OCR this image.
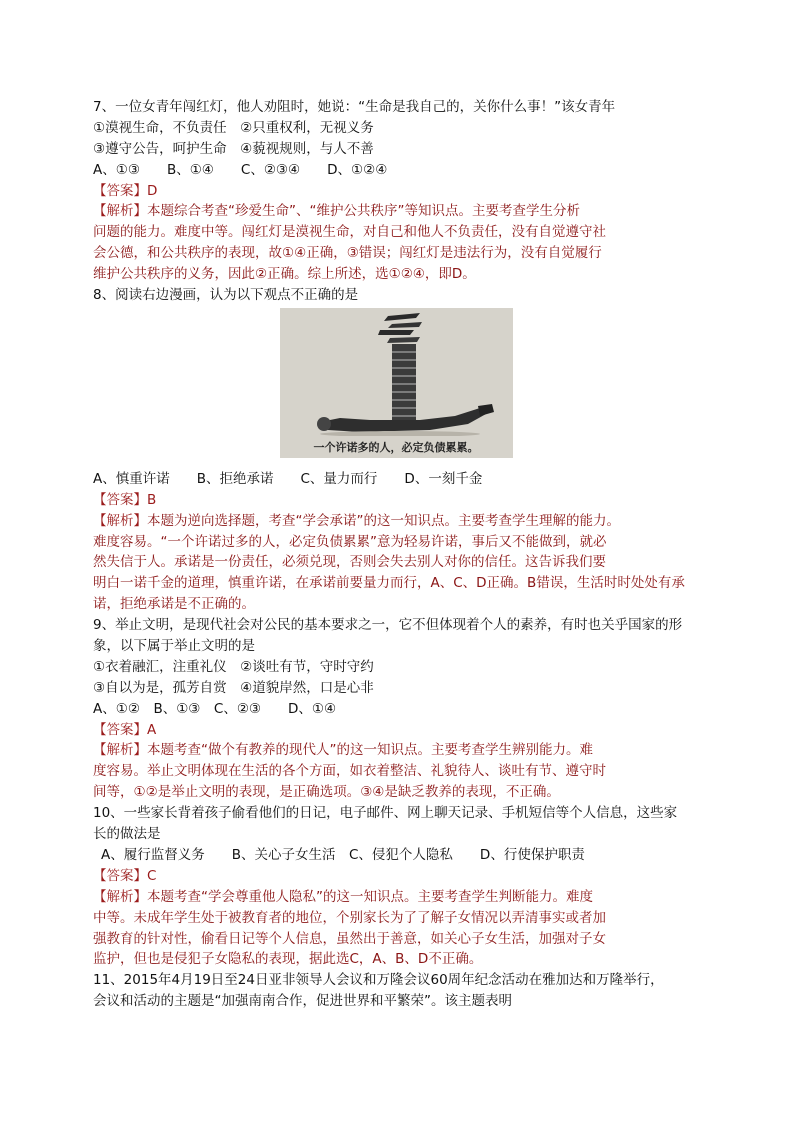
7、一位女青年闯红灯，他人劝阻时，她说：“生命是我自己的，关你什么事！”该女青年
①漠视生命，不负责任　②只重权利，无视义务
③遵守公告，呵护生命　④藐视规则，与人不善
A、①③　　B、①④　　C、②③④　　D、①②④
【答案】D
【解析】本题综合考查“珍爱生命”、“维护公共秩序”等知识点。主要考查学生分析
问题的能力。难度中等。闯红灯是漠视生命，对自己和他人不负责任，没有自觉遵守社
会公德，和公共秩序的表现，故①④正确，③错误；闯红灯是违法行为，没有自觉履行
维护公共秩序的义务，因此②正确。综上所述，选①②④，即D。
8、阅读右边漫画，认为以下观点不正确的是
一个许诺多的人，必定负债累累。
A、慎重许诺　　B、拒绝承诺　　C、量力而行　　D、一刻千金
【答案】B
【解析】本题为逆向选择题，考查“学会承诺”的这一知识点。主要考查学生理解的能力。
难度容易。“一个许诺过多的人，必定负债累累”意为轻易许诺，事后又不能做到，就必
然失信于人。承诺是一份责任，必须兑现，否则会失去别人对你的信任。这告诉我们要
明白一诺千金的道理，慎重许诺，在承诺前要量力而行，A、C、D正确。B错误，生活时时处处有承
诺，拒绝承诺是不正确的。
9、举止文明，是现代社会对公民的基本要求之一，它不但体现着个人的素养，有时也关乎国家的形
象，以下属于举止文明的是
①衣着融汇，注重礼仪　②谈吐有节，守时守约
③自以为是，孤芳自赏　④道貌岸然，口是心非
A、①②　B、①③　C、②③　　D、①④
【答案】A
【解析】本题考查“做个有教养的现代人”的这一知识点。主要考查学生辨别能力。难
度容易。举止文明体现在生活的各个方面，如衣着整洁、礼貌待人、谈吐有节、遵守时
间等，①②是举止文明的表现，是正确选项。③④是缺乏教养的表现，不正确。
10、一些家长背着孩子偷看他们的日记，电子邮件、网上聊天记录、手机短信等个人信息，这些家
长的做法是
A、履行监督义务　　B、关心子女生活　C、侵犯个人隐私　　D、行使保护职责
【答案】C
【解析】本题考查“学会尊重他人隐私”的这一知识点。主要考查学生判断能力。难度
中等。未成年学生处于被教育者的地位，个别家长为了了解子女情况以弄清事实或者加
强教育的针对性，偷看日记等个人信息，虽然出于善意，如关心子女生活，加强对子女
监护，但也是侵犯子女隐私的表现，据此选C，A、B、D不正确。
11、2015年4月19日至24日亚非领导人会议和万隆会议60周年纪念活动在雅加达和万隆举行，
会议和活动的主题是“加强南南合作，促进世界和平繁荣”。该主题表明
